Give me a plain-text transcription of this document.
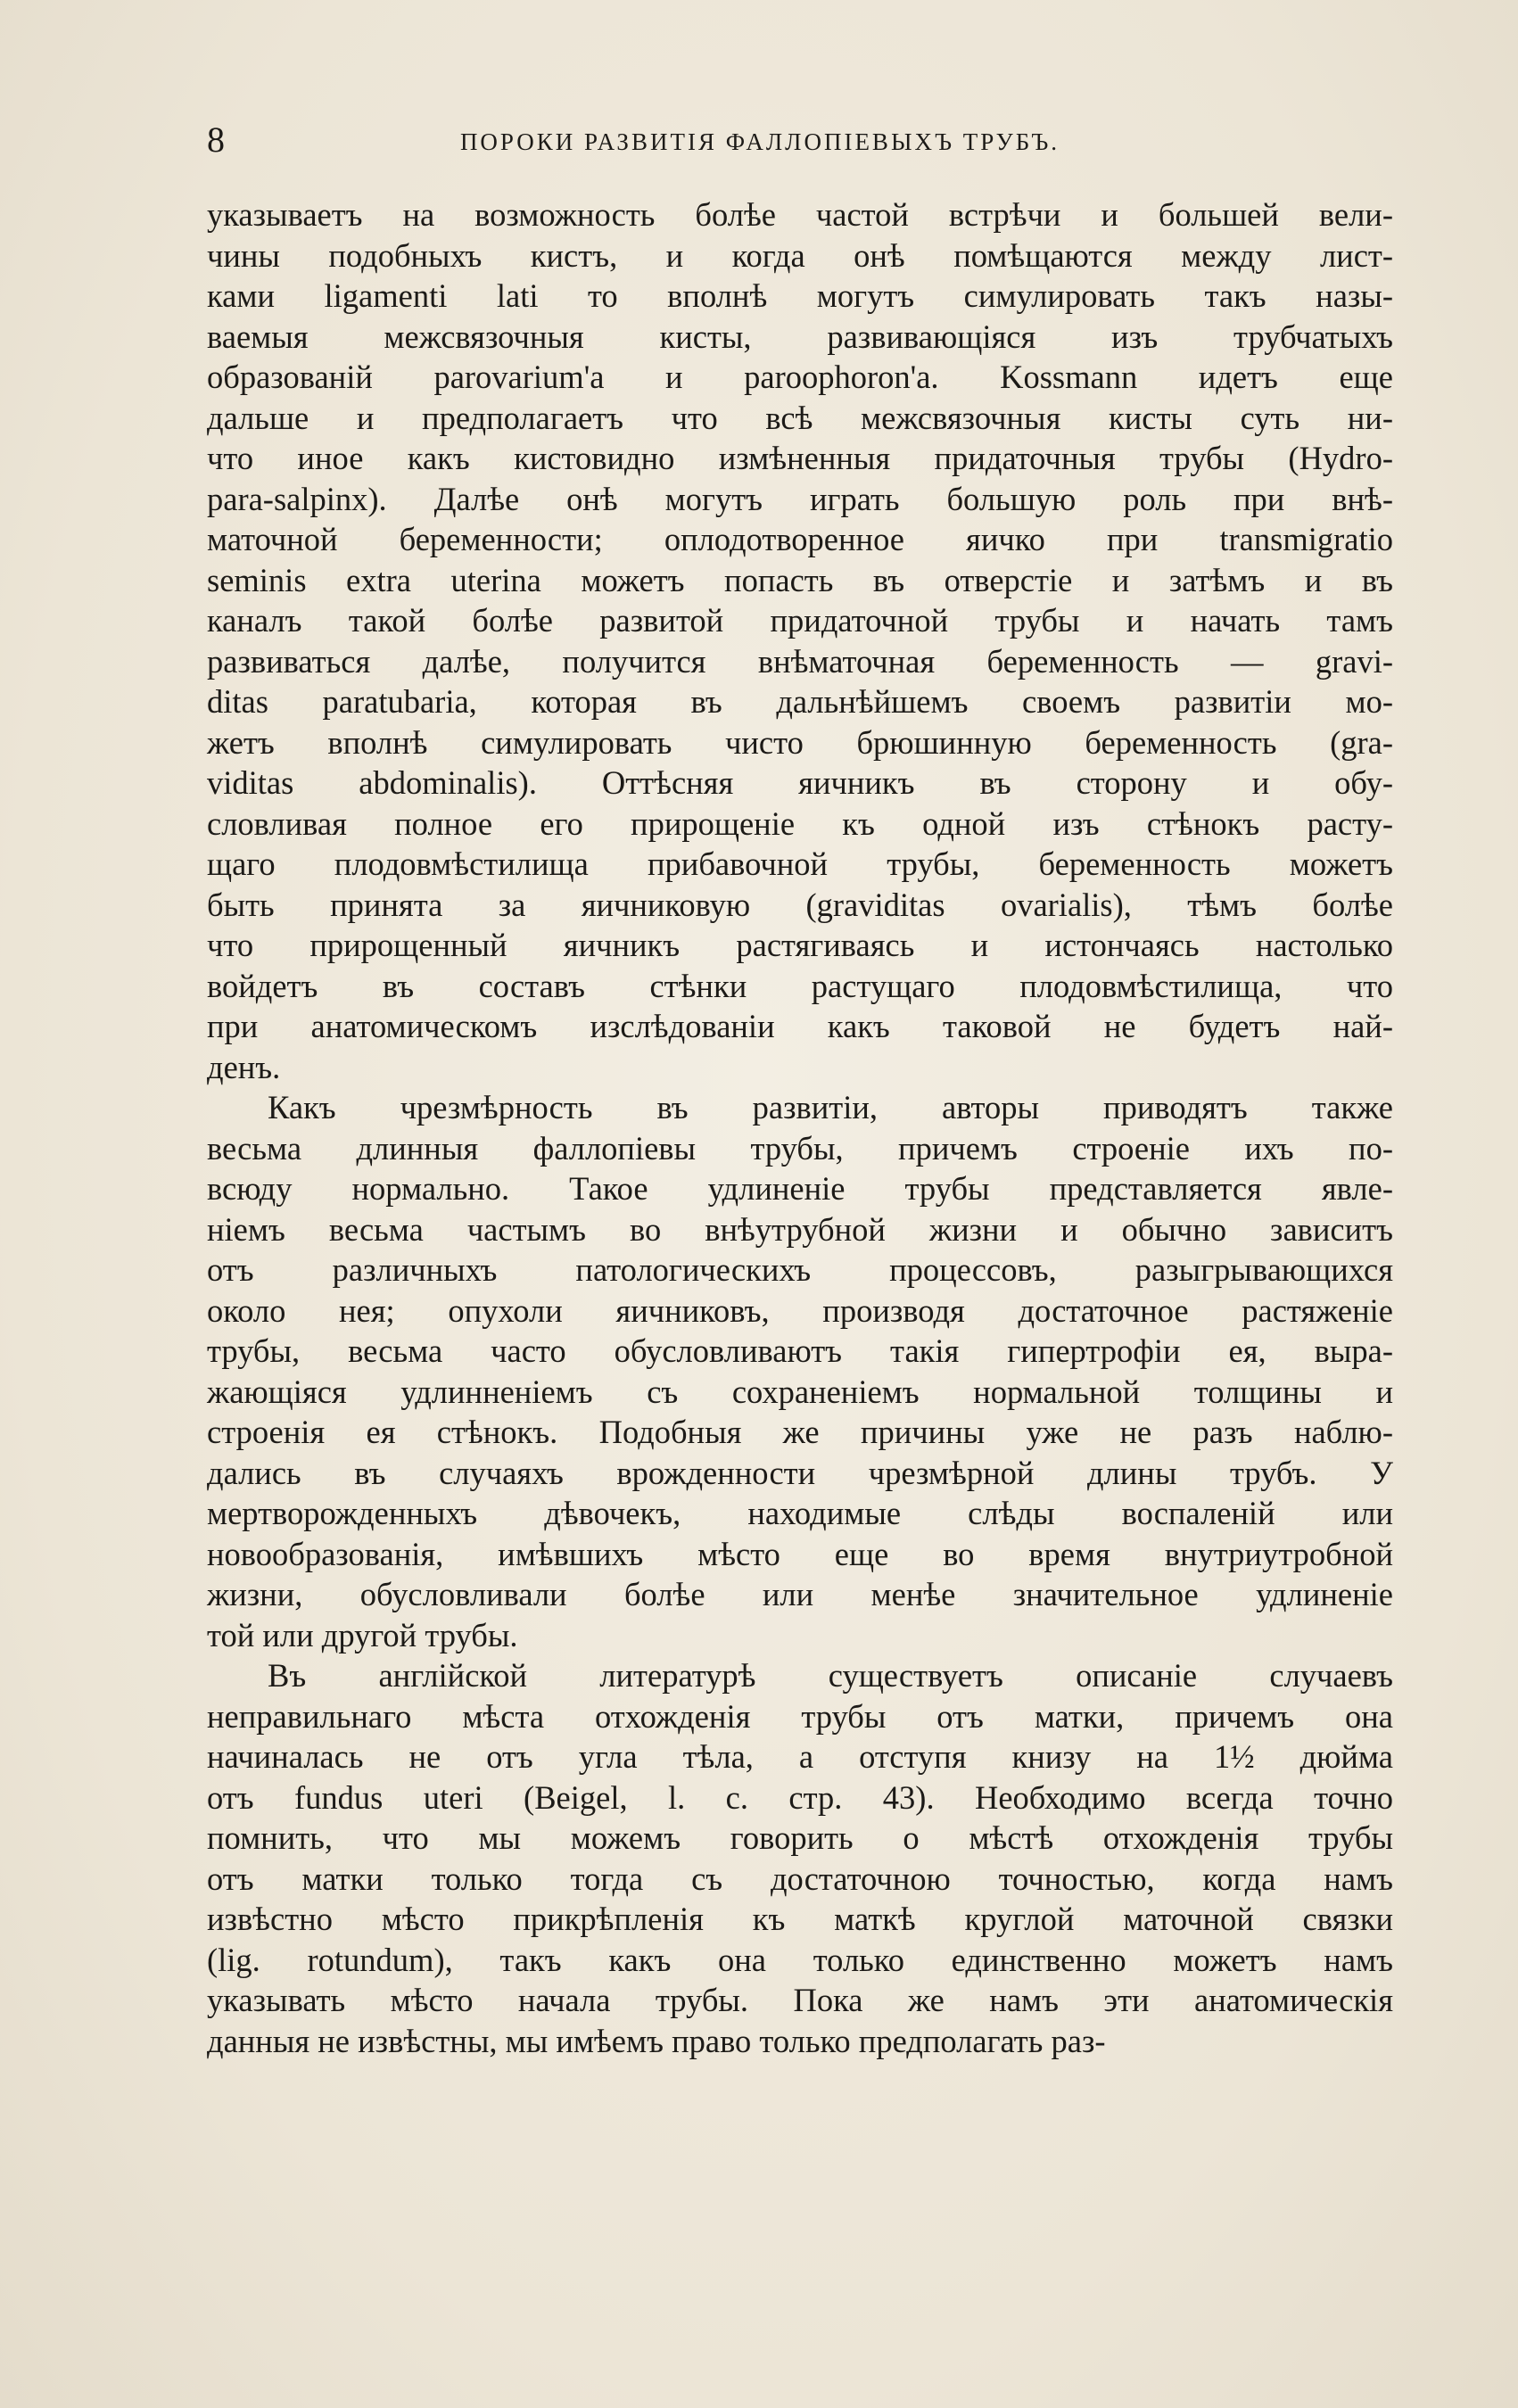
8	ПОРОКИ РАЗВИТІЯ ФАЛЛОПІЕВЫХЪ ТРУБЪ.
указываетъ на возможность болѣе частой встрѣчи и большей вели-
чины подобныхъ кистъ, и когда онѣ помѣщаются между лист-
ками ligamenti lati то вполнѣ могутъ симулировать такъ назы-
ваемыя межсвязочныя кисты, развивающіяся изъ трубчатыхъ
образованій parovarium'а и paroophoron'а. Kossmann идетъ еще
дальше и предполагаетъ что всѣ межсвязочныя кисты суть ни-
что иное какъ кистовидно измѣненныя придаточныя трубы (Hydro-
para-salpinx). Далѣе онѣ могутъ играть большую роль при внѣ-
маточной беременности; оплодотворенное яичко при transmigratio
seminis extra uterina можетъ попасть въ отверстіе и затѣмъ и въ
каналъ такой болѣе развитой придаточной трубы и начать тамъ
развиваться далѣе, получится внѣматочная беременность — gravi-
ditas paratubaria, которая въ дальнѣйшемъ своемъ развитіи мо-
жетъ вполнѣ симулировать чисто брюшинную беременность (gra-
viditas abdominalis). Оттѣсняя яичникъ въ сторону и обу-
словливая полное его прирощеніе къ одной изъ стѣнокъ расту-
щаго плодовмѣстилища прибавочной трубы, беременность можетъ
быть принята за яичниковую (graviditas ovarialis), тѣмъ болѣе
что прирощенный яичникъ растягиваясь и истончаясь настолько
войдетъ въ составъ стѣнки растущаго плодовмѣстилища, что
при анатомическомъ изслѣдованіи какъ таковой не будетъ най-
денъ.
Какъ чрезмѣрность въ развитіи, авторы приводятъ также
весьма длинныя фаллопіевы трубы, причемъ строеніе ихъ по-
всюду нормально. Такое удлиненіе трубы представляется явле-
ніемъ весьма частымъ во внѣутрубной жизни и обычно зависитъ
отъ различныхъ патологическихъ процессовъ, разыгрывающихся
около нея; опухоли яичниковъ, производя достаточное растяженіе
трубы, весьма часто обусловливаютъ такія гипертрофіи ея, выра-
жающіяся удлинненіемъ съ сохраненіемъ нормальной толщины и
строенія ея стѣнокъ. Подобныя же причины уже не разъ наблю-
дались въ случаяхъ врожденности чрезмѣрной длины трубъ. У
мертворожденныхъ дѣвочекъ, находимые слѣды воспаленій или
новообразованія, имѣвшихъ мѣсто еще во время внутриутробной
жизни, обусловливали болѣе или менѣе значительное удлиненіе
той или другой трубы.
Въ англійской литературѣ существуетъ описаніе случаевъ
неправильнаго мѣста отхожденія трубы отъ матки, причемъ она
начиналась не отъ угла тѣла, а отступя книзу на 1½ дюйма
отъ fundus uteri (Beigel, l. c. стр. 43). Необходимо всегда точно
помнить, что мы можемъ говорить о мѣстѣ отхожденія трубы
отъ матки только тогда съ достаточною точностью, когда намъ
извѣстно мѣсто прикрѣпленія къ маткѣ круглой маточной связки
(lig. rotundum), такъ какъ она только единственно можетъ намъ
указывать мѣсто начала трубы. Пока же намъ эти анатомическія
данныя не извѣстны, мы имѣемъ право только предполагать раз-
